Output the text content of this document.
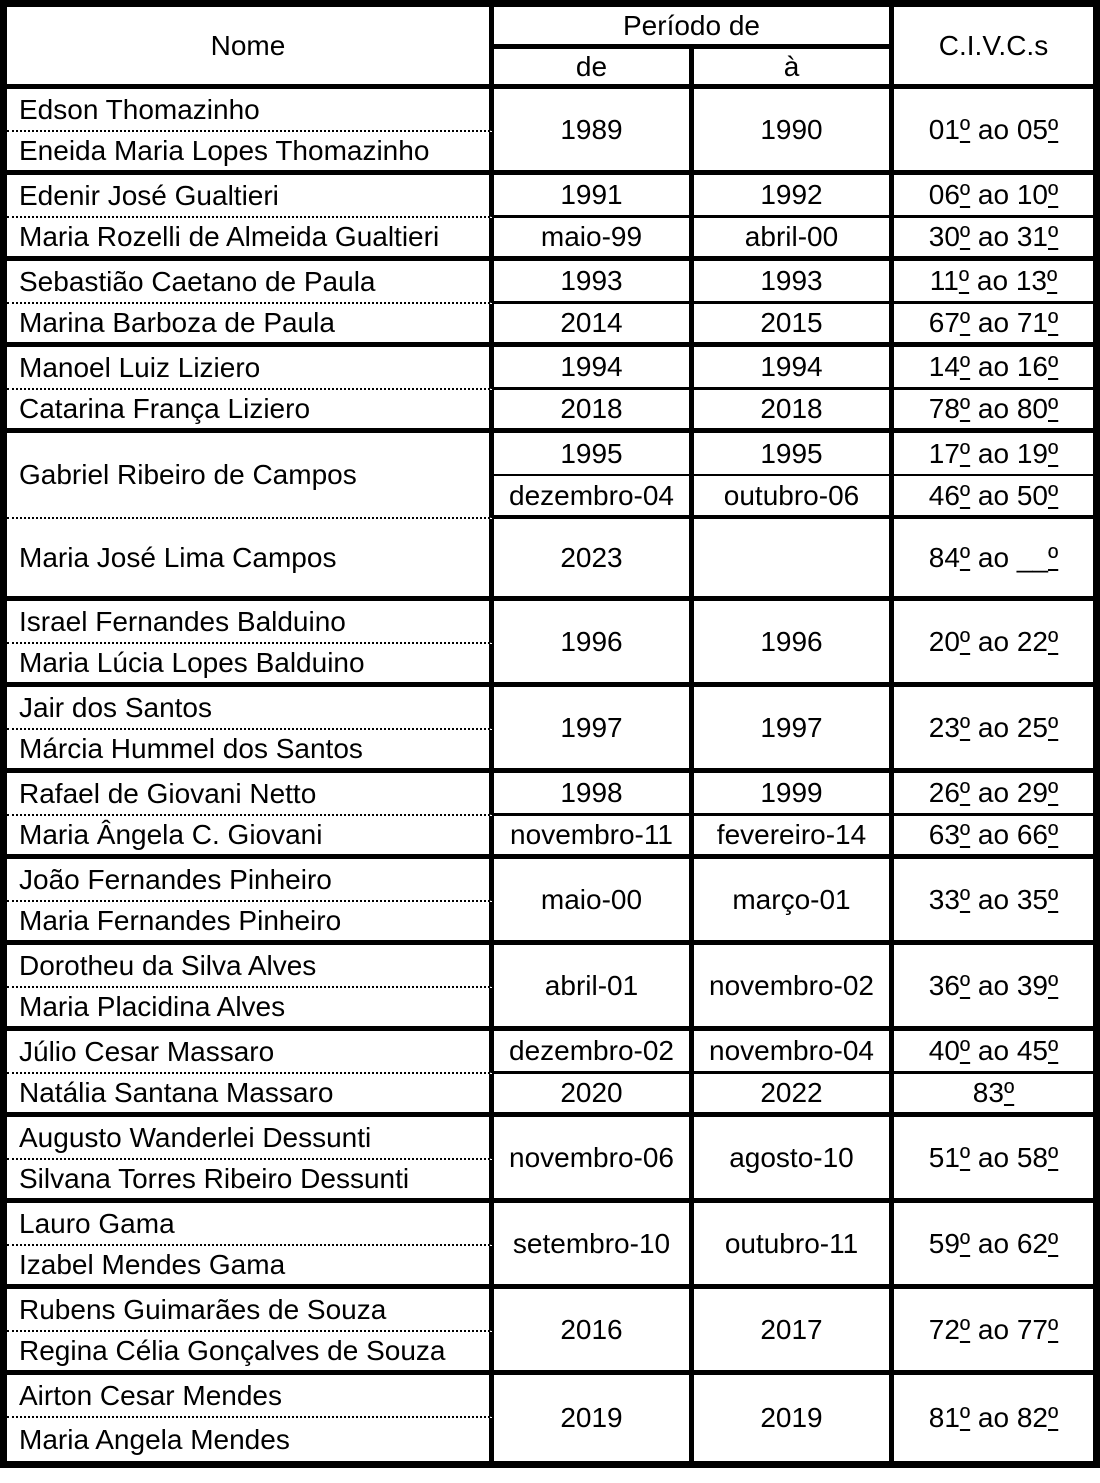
Nome	Período de		C.I.V.C.s
	de	à	
Edson Thomazinho	1989	1990	01º ao 05º
Eneida Maria Lopes Thomazinho			
Edenir José Gualtieri	1991	1992	06º ao 10º
Maria Rozelli de Almeida Gualtieri	maio-99	abril-00	30º ao 31º
Sebastião Caetano de Paula	1993	1993	11º ao 13º
Marina Barboza de Paula	2014	2015	67º ao 71º
Manoel Luiz Liziero	1994	1994	14º ao 16º
Catarina França Liziero	2018	2018	78º ao 80º
Gabriel Ribeiro de Campos	1995	1995	17º ao 19º
	dezembro-04	outubro-06	46º ao 50º
Maria José Lima Campos	2023		84º ao __º
Israel Fernandes Balduino	1996	1996	20º ao 22º
Maria Lúcia Lopes Balduino			
Jair dos Santos	1997	1997	23º ao 25º
Márcia Hummel dos Santos			
Rafael de Giovani Netto	1998	1999	26º ao 29º
Maria Ângela C. Giovani	novembro-11	fevereiro-14	63º ao 66º
João Fernandes Pinheiro	maio-00	março-01	33º ao 35º
Maria Fernandes Pinheiro			
Dorotheu da Silva Alves	abril-01	novembro-02	36º ao 39º
Maria Placidina Alves			
Júlio Cesar Massaro	dezembro-02	novembro-04	40º ao 45º
Natália Santana Massaro	2020	2022	83º
Augusto Wanderlei Dessunti	novembro-06	agosto-10	51º ao 58º
Silvana Torres Ribeiro Dessunti			
Lauro Gama	setembro-10	outubro-11	59º ao 62º
Izabel Mendes Gama			
Rubens Guimarães de Souza	2016	2017	72º ao 77º
Regina Célia Gonçalves de Souza			
Airton Cesar Mendes	2019	2019	81º ao 82º
Maria Angela Mendes			
